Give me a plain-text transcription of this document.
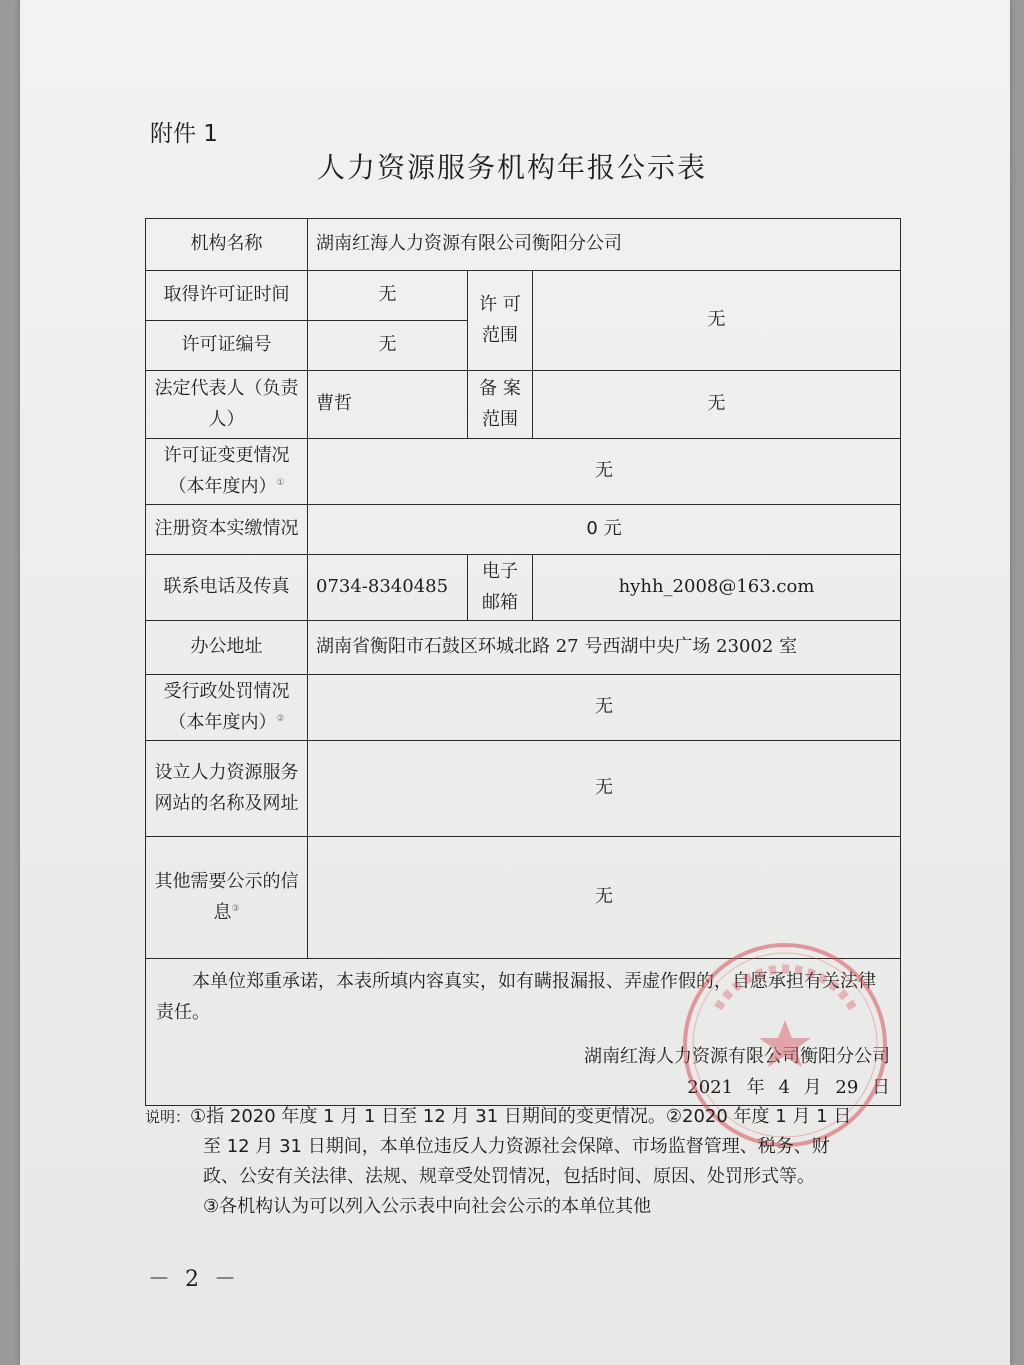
附件 1
人力资源服务机构年报公示表
机构名称	湖南红海人力资源有限公司衡阳分公司		
取得许可证时间	无	许 可 范围	无
许可证编号	无		
法定代表人（负责人）	曹哲	备 案 范围	无
许可证变更情况（本年度内）①	无		
注册资本实缴情况	0 元		
联系电话及传真	0734-8340485	电子 邮箱	hyhh_2008@163.com
办公地址	湖南省衡阳市石鼓区环城北路 27 号西湖中央广场 23002 室		
受行政处罚情况（本年度内）②	无		
设立人力资源服务网站的名称及网址	无		
其他需要公示的信息③	无		

本单位郑重承诺，本表所填内容真实，如有瞒报漏报、弄虚作假的，自愿承担有关法律责任。
湖南红海人力资源有限公司衡阳分公司
2021 年 4 月 29 日			
说明： ①指 2020 年度 1 月 1 日至 12 月 31 日期间的变更情况。②2020 年度 1 月 1 日
至 12 月 31 日期间，本单位违反人力资源社会保障、市场监督管理、税务、财
政、公安有关法律、法规、规章受处罚情况，包括时间、原因、处罚形式等。
③各机构认为可以列入公示表中向社会公示的本单位其他
－ 2 －
